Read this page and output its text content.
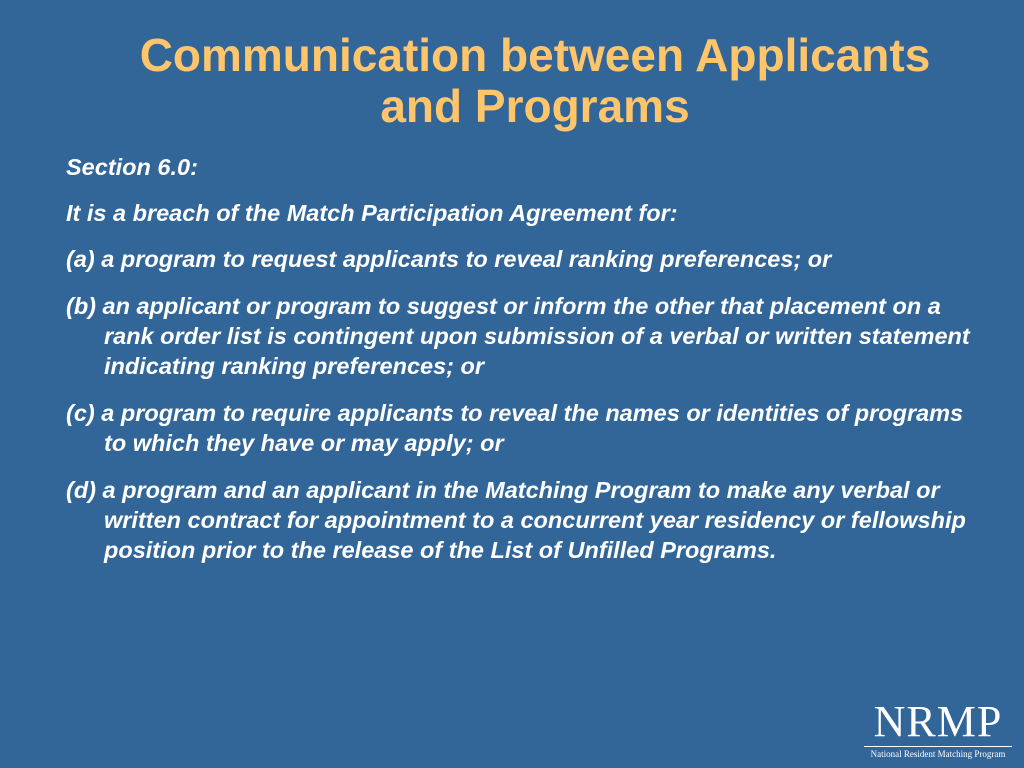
Communication between Applicants
and Programs

Section 6.0:

It is a breach of the Match Participation Agreement for:

(a) a program to request applicants to reveal ranking preferences; or

(b) an applicant or program to suggest or inform the other that placement on a rank order list is contingent upon submission of a verbal or written statement indicating ranking preferences; or

(c) a program to require applicants to reveal the names or identities of programs to which they have or may apply; or

(d) a program and an applicant in the Matching Program to make any verbal or written contract for appointment to a concurrent year residency or fellowship position prior to the release of the List of Unfilled Programs.

NRMP
National Resident Matching Program
